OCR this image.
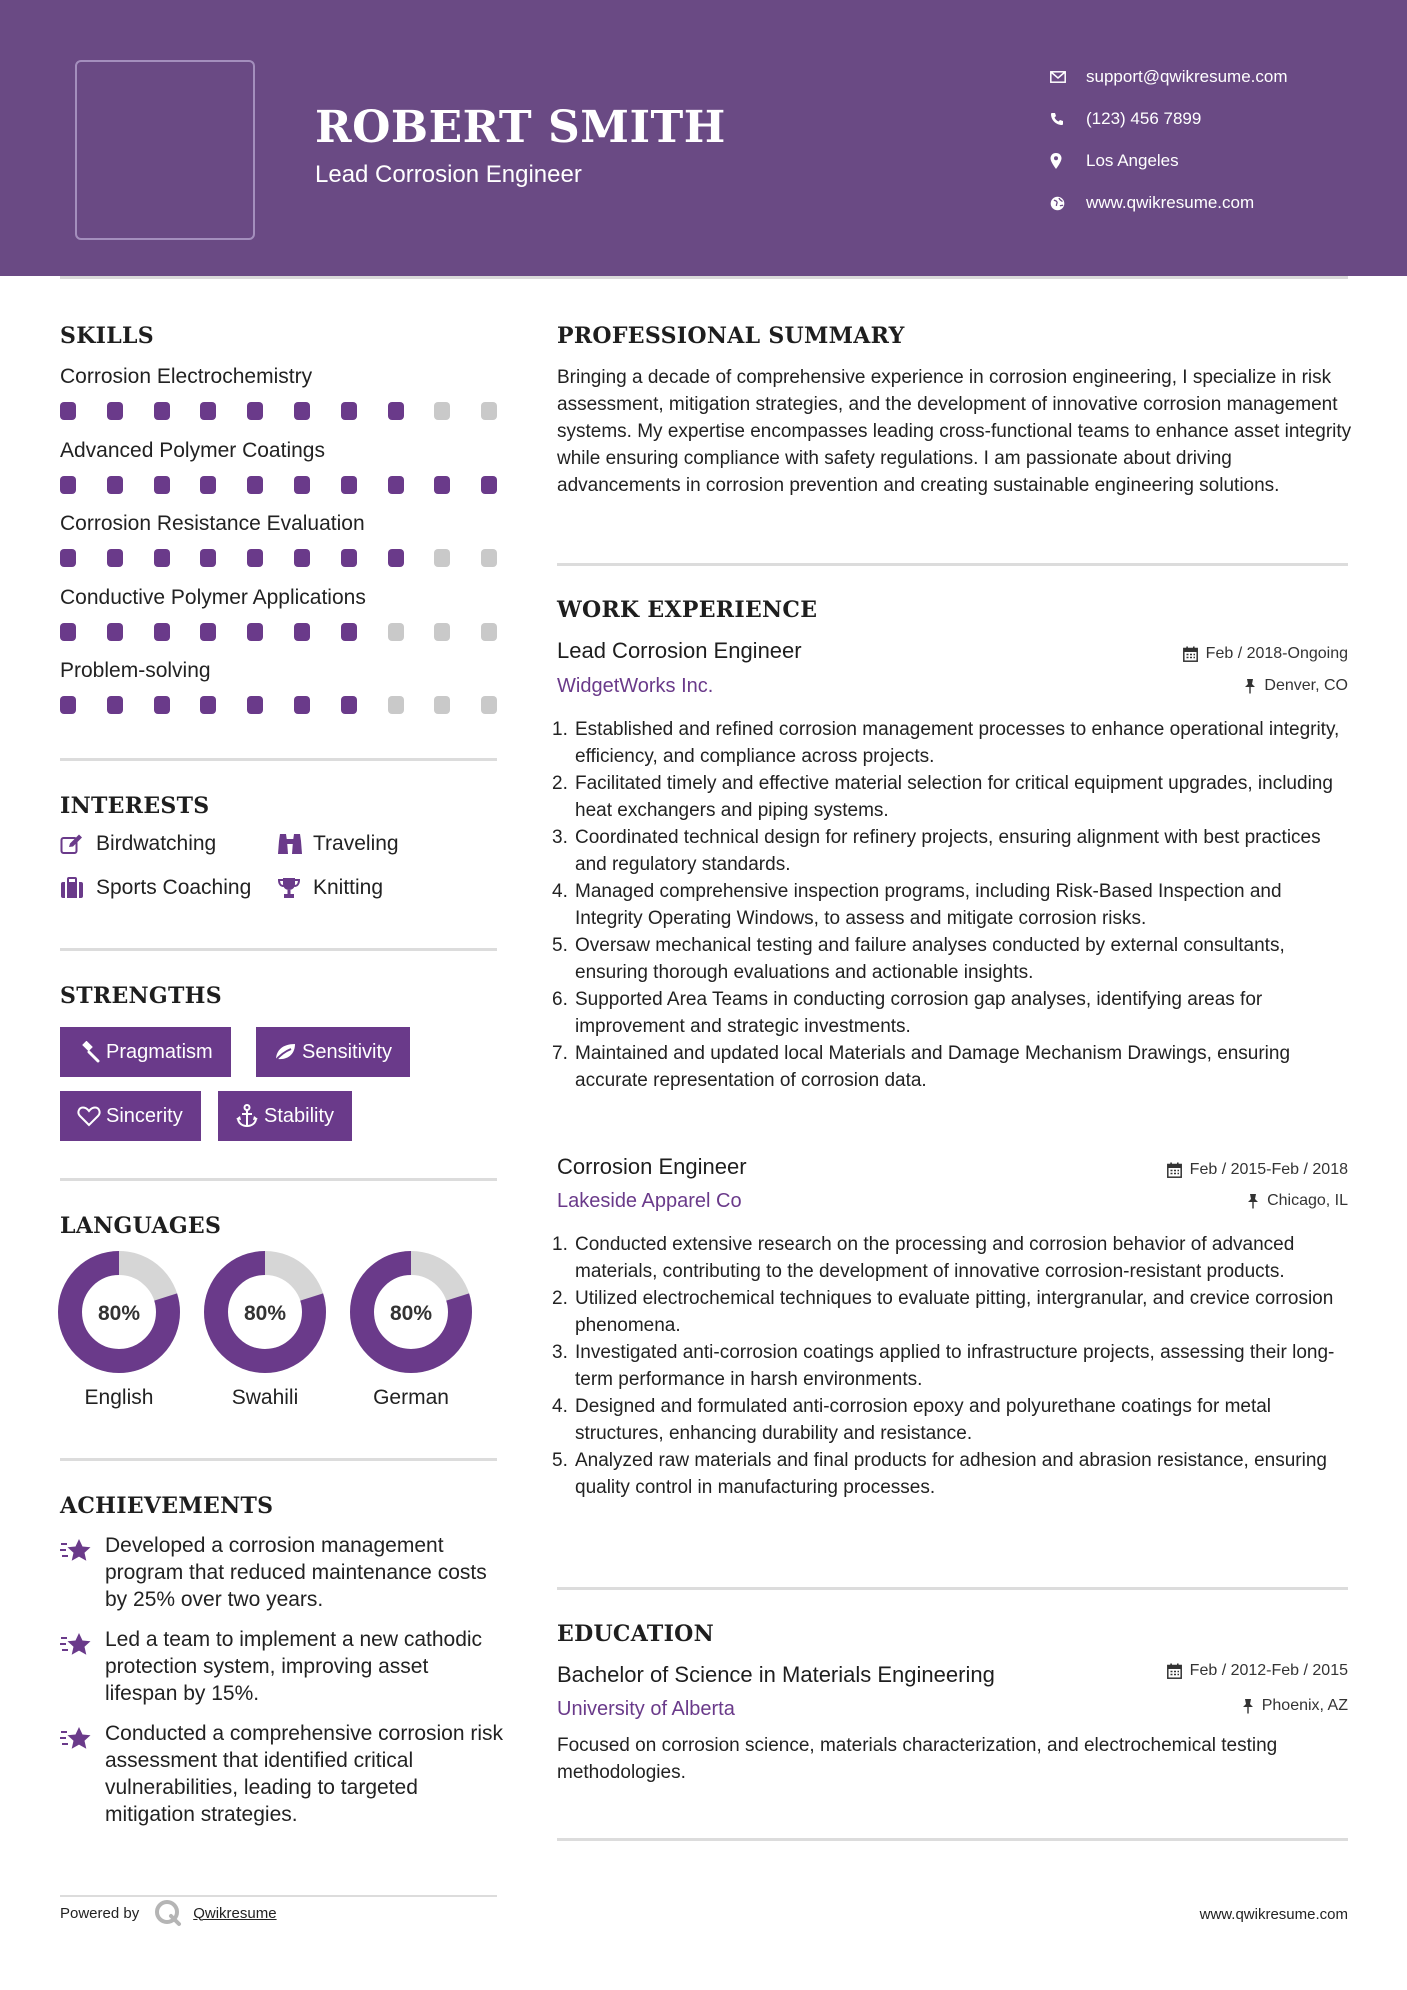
ROBERT SMITH
Lead Corrosion Engineer
support@qwikresume.com
(123) 456 7899
Los Angeles
www.qwikresume.com
SKILLS
Corrosion Electrochemistry
Advanced Polymer Coatings
Corrosion Resistance Evaluation
Conductive Polymer Applications
Problem-solving
INTERESTS
Birdwatching	Traveling
Sports Coaching	Knitting
STRENGTHS
Pragmatism	Sensitivity
Sincerity	Stability
LANGUAGES
80%
English
80%
Swahili
80%
German
ACHIEVEMENTS
Developed a corrosion management program that reduced maintenance costs by 25% over two years.
Led a team to implement a new cathodic protection system, improving asset lifespan by 15%.
Conducted a comprehensive corrosion risk assessment that identified critical vulnerabilities, leading to targeted mitigation strategies.
PROFESSIONAL SUMMARY
Bringing a decade of comprehensive experience in corrosion engineering, I specialize in risk assessment, mitigation strategies, and the development of innovative corrosion management systems. My expertise encompasses leading cross-functional teams to enhance asset integrity while ensuring compliance with safety regulations. I am passionate about driving advancements in corrosion prevention and creating sustainable engineering solutions.
WORK EXPERIENCE
Lead Corrosion Engineer	Feb / 2018-Ongoing
WidgetWorks Inc.	Denver, CO
1. Established and refined corrosion management processes to enhance operational integrity, efficiency, and compliance across projects.
2. Facilitated timely and effective material selection for critical equipment upgrades, including heat exchangers and piping systems.
3. Coordinated technical design for refinery projects, ensuring alignment with best practices and regulatory standards.
4. Managed comprehensive inspection programs, including Risk-Based Inspection and Integrity Operating Windows, to assess and mitigate corrosion risks.
5. Oversaw mechanical testing and failure analyses conducted by external consultants, ensuring thorough evaluations and actionable insights.
6. Supported Area Teams in conducting corrosion gap analyses, identifying areas for improvement and strategic investments.
7. Maintained and updated local Materials and Damage Mechanism Drawings, ensuring accurate representation of corrosion data.
Corrosion Engineer	Feb / 2015-Feb / 2018
Lakeside Apparel Co	Chicago, IL
1. Conducted extensive research on the processing and corrosion behavior of advanced materials, contributing to the development of innovative corrosion-resistant products.
2. Utilized electrochemical techniques to evaluate pitting, intergranular, and crevice corrosion phenomena.
3. Investigated anti-corrosion coatings applied to infrastructure projects, assessing their long-term performance in harsh environments.
4. Designed and formulated anti-corrosion epoxy and polyurethane coatings for metal structures, enhancing durability and resistance.
5. Analyzed raw materials and final products for adhesion and abrasion resistance, ensuring quality control in manufacturing processes.
EDUCATION
Bachelor of Science in Materials Engineering	Feb / 2012-Feb / 2015
University of Alberta	Phoenix, AZ
Focused on corrosion science, materials characterization, and electrochemical testing methodologies.
Powered by	Qwikresume	www.qwikresume.com
